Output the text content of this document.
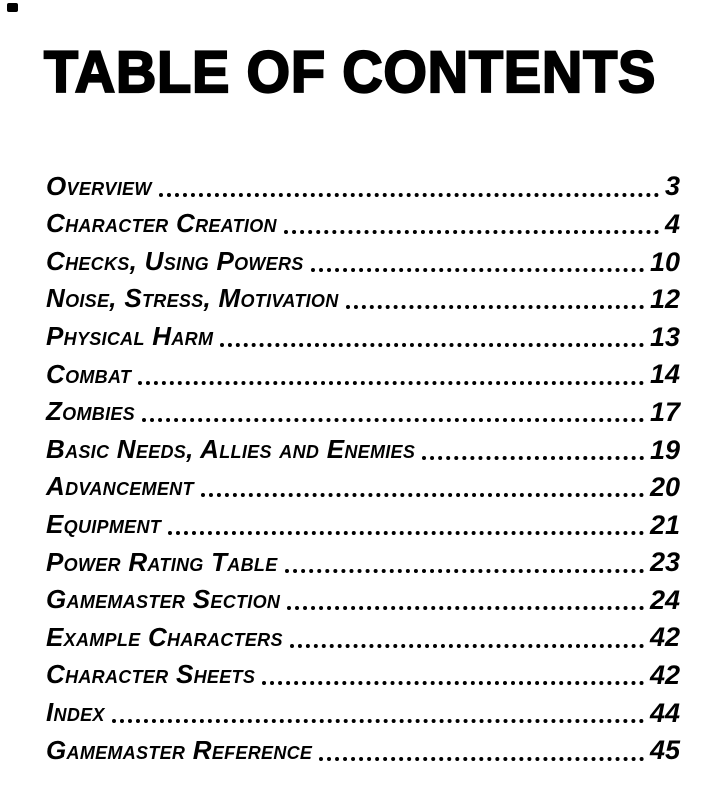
TABLE OF CONTENTS
Overview	3
Character Creation	4
Checks, Using Powers	10
Noise, Stress, Motivation	12
Physical Harm	13
Combat	14
Zombies	17
Basic Needs, Allies and Enemies	19
Advancement	20
Equipment	21
Power Rating Table	23
Gamemaster Section	24
Example Characters	42
Character Sheets	42
Index	44
Gamemaster Reference	45
